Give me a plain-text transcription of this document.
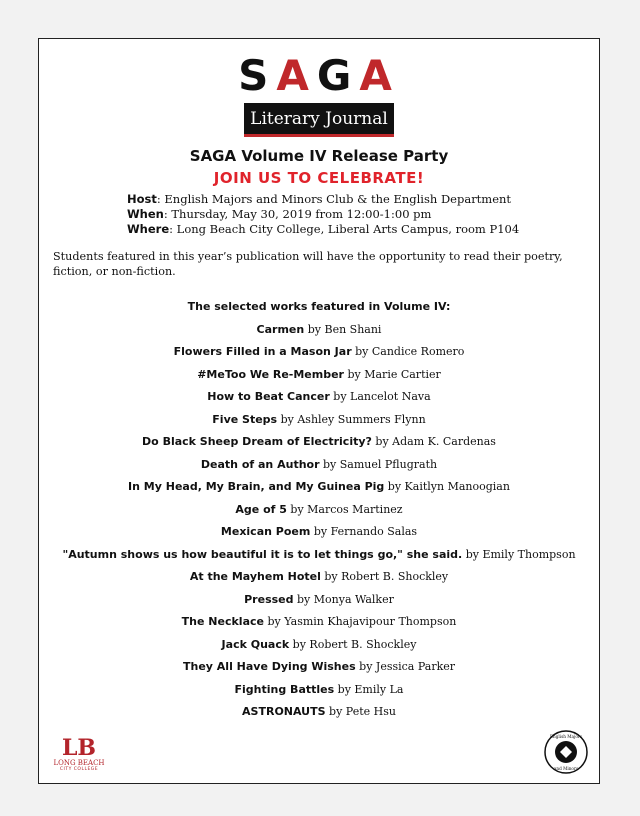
SAGA
Literary Journal
SAGA Volume IV Release Party
JOIN US TO CELEBRATE!
Host: English Majors and Minors Club & the English Department
When: Thursday, May 30, 2019 from 12:00-1:00 pm
Where: Long Beach City College, Liberal Arts Campus, room P104
Students featured in this year’s publication will have the opportunity to read their poetry, fiction, or non-fiction.
The selected works featured in Volume IV:
Carmen by Ben Shani
Flowers Filled in a Mason Jar by Candice Romero
#MeToo We Re-Member by Marie Cartier
How to Beat Cancer by Lancelot Nava
Five Steps by Ashley Summers Flynn
Do Black Sheep Dream of Electricity? by Adam K. Cardenas
Death of an Author by Samuel Pflugrath
In My Head, My Brain, and My Guinea Pig by Kaitlyn Manoogian
Age of 5 by Marcos Martinez
Mexican Poem by Fernando Salas
"Autumn shows us how beautiful it is to let things go," she said. by Emily Thompson
At the Mayhem Hotel by Robert B. Shockley
Pressed by Monya Walker
The Necklace by Yasmin Khajavipour Thompson
Jack Quack by Robert B. Shockley
They All Have Dying Wishes by Jessica Parker
Fighting Battles by Emily La
ASTRONAUTS by Pete Hsu
LB
LONG BEACH
CITY COLLEGE
English Majors
and Minors
